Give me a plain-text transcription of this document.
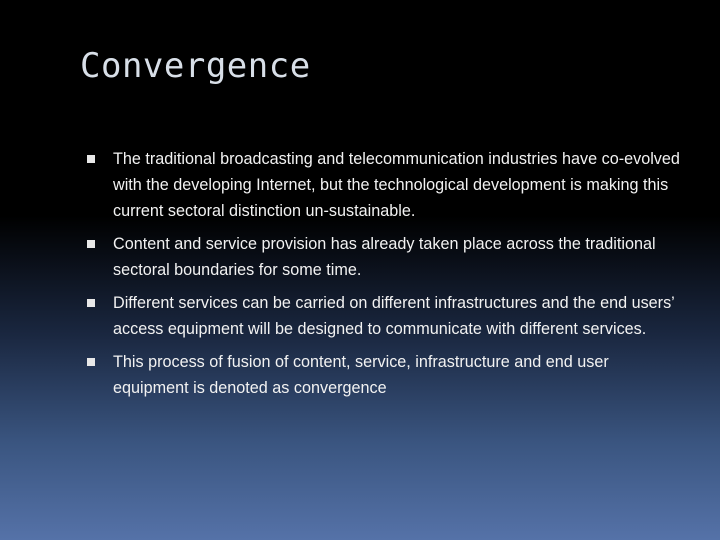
Convergence
The traditional broadcasting and telecommunication industries have co-evolved with the developing Internet, but the technological development is making this current sectoral distinction un-sustainable.
Content and service provision has already taken place across the traditional sectoral boundaries for some time.
Different services can be carried on different infrastructures and the end users’ access equipment will be designed to communicate with different services.
This process of fusion of content, service, infrastructure and end user equipment is denoted as convergence
